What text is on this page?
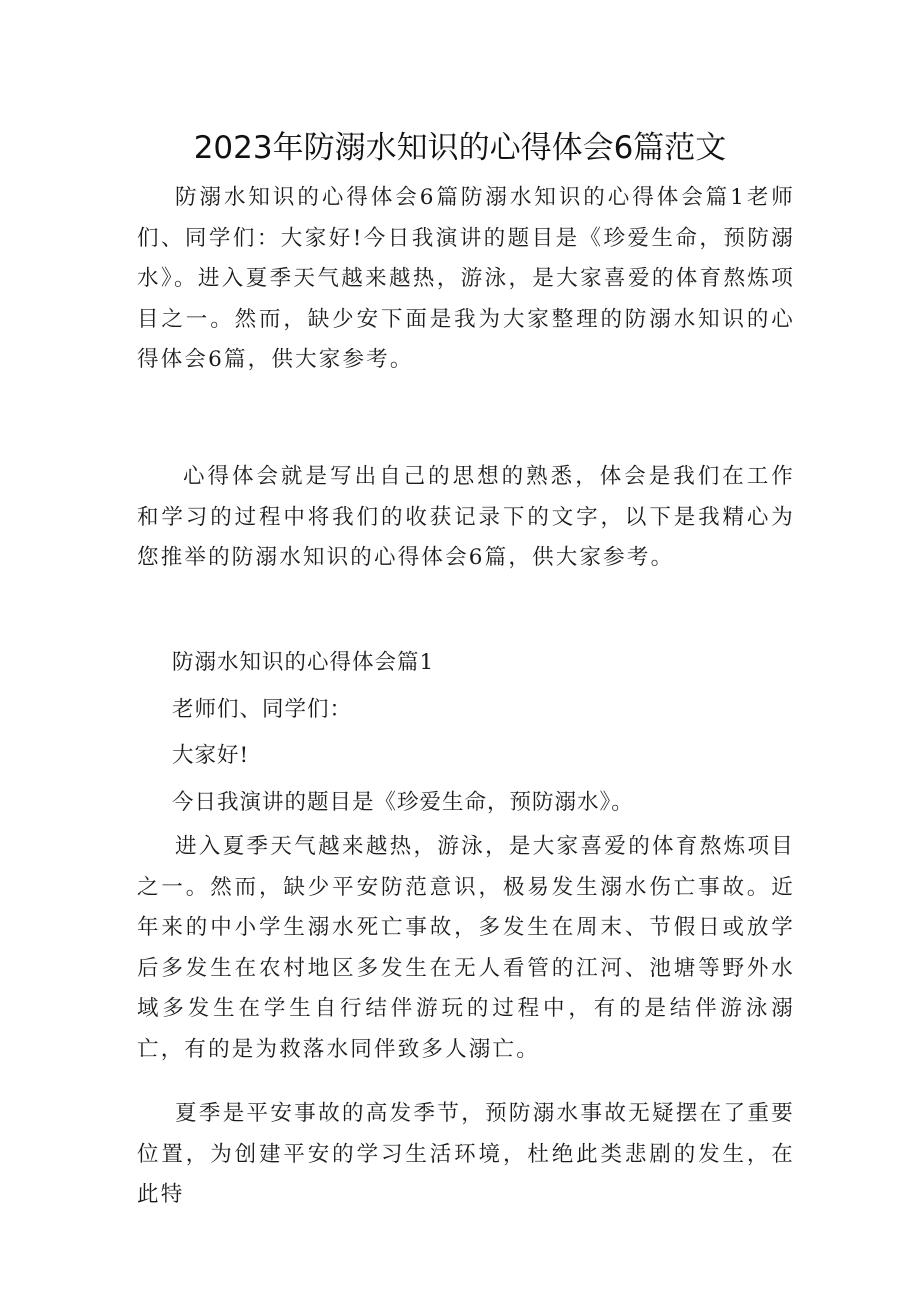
2023年防溺水知识的心得体会6篇范文

防溺水知识的心得体会6篇防溺水知识的心得体会篇1老师们、同学们：大家好!今日我演讲的题目是《珍爱生命，预防溺水》。进入夏季天气越来越热，游泳，是大家喜爱的体育熬炼项目之一。然而，缺少安下面是我为大家整理的防溺水知识的心得体会6篇，供大家参考。

心得体会就是写出自己的思想的熟悉，体会是我们在工作和学习的过程中将我们的收获记录下的文字，以下是我精心为您推举的防溺水知识的心得体会6篇，供大家参考。

防溺水知识的心得体会篇1
老师们、同学们：
大家好!
今日我演讲的题目是《珍爱生命，预防溺水》。

进入夏季天气越来越热，游泳，是大家喜爱的体育熬炼项目之一。然而，缺少平安防范意识，极易发生溺水伤亡事故。近年来的中小学生溺水死亡事故，多发生在周末、节假日或放学后多发生在农村地区多发生在无人看管的江河、池塘等野外水域多发生在学生自行结伴游玩的过程中，有的是结伴游泳溺亡，有的是为救落水同伴致多人溺亡。

夏季是平安事故的高发季节，预防溺水事故无疑摆在了重要位置，为创建平安的学习生活环境，杜绝此类悲剧的发生，在此特
